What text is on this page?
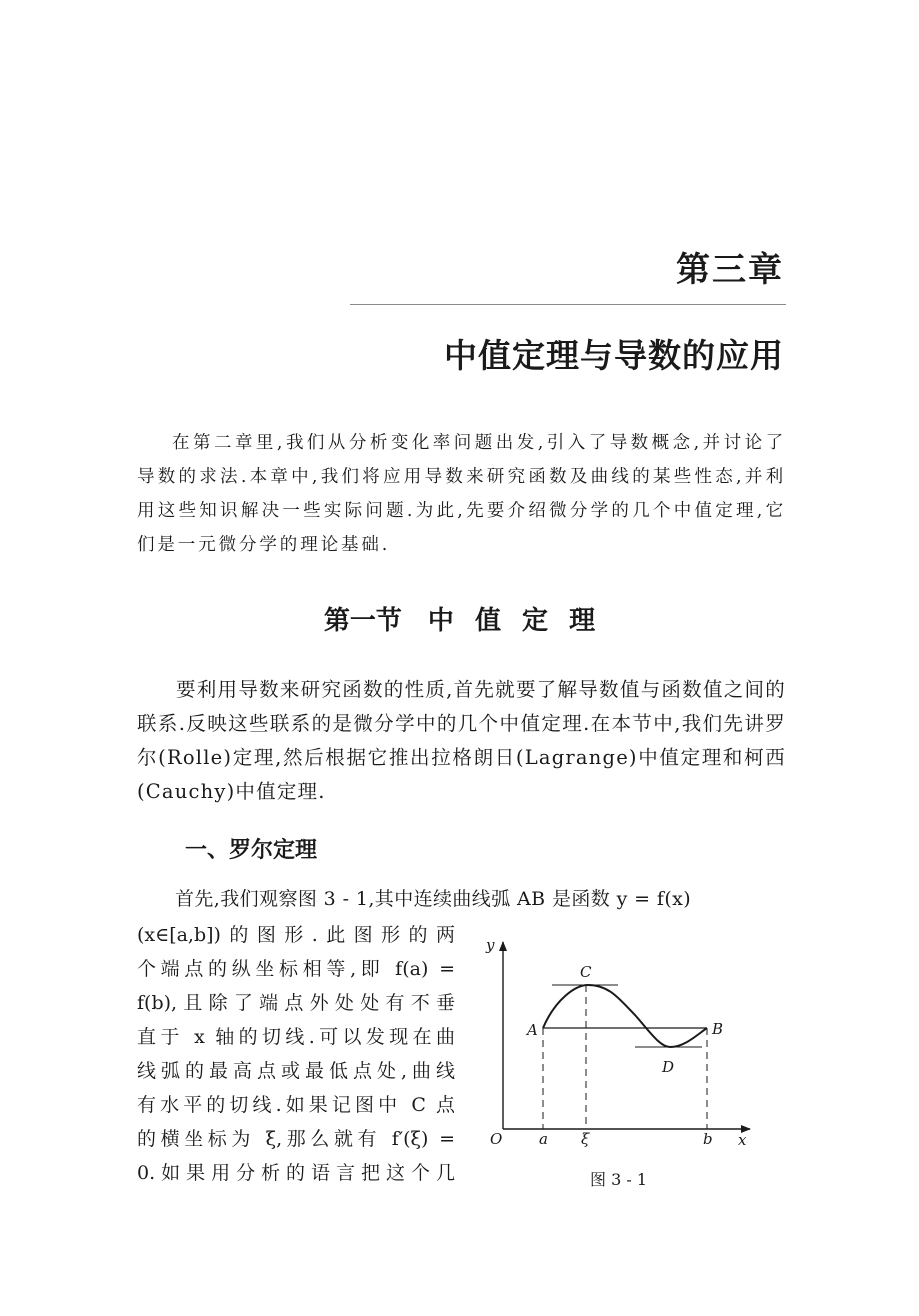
第三章
中值定理与导数的应用

在第二章里,我们从分析变化率问题出发,引入了导数概念,并讨论了导数的求法.本章中,我们将应用导数来研究函数及曲线的某些性态,并利用这些知识解决一些实际问题.为此,先要介绍微分学的几个中值定理,它们是一元微分学的理论基础.

第一节　中 值 定 理

要利用导数来研究函数的性质,首先就要了解导数值与函数值之间的联系.反映这些联系的是微分学中的几个中值定理.在本节中,我们先讲罗尔(Rolle)定理,然后根据它推出拉格朗日(Lagrange)中值定理和柯西(Cauchy)中值定理.

一、罗尔定理

首先,我们观察图 3 - 1,其中连续曲线弧 AB 是函数 y = f(x)

(x∈[a,b])的图形.此图形的两
个端点的纵坐标相等,即 f(a) =
f(b),且除了端点外处处有不垂
直于 x 轴的切线.可以发现在曲
线弧的最高点或最低点处,曲线
有水平的切线.如果记图中 C 点
的横坐标为 ξ,那么就有 f′(ξ) =
0.如果用分析的语言把这个几
y
x
O
A	B
C
D
a ξ	b

图 3 - 1
